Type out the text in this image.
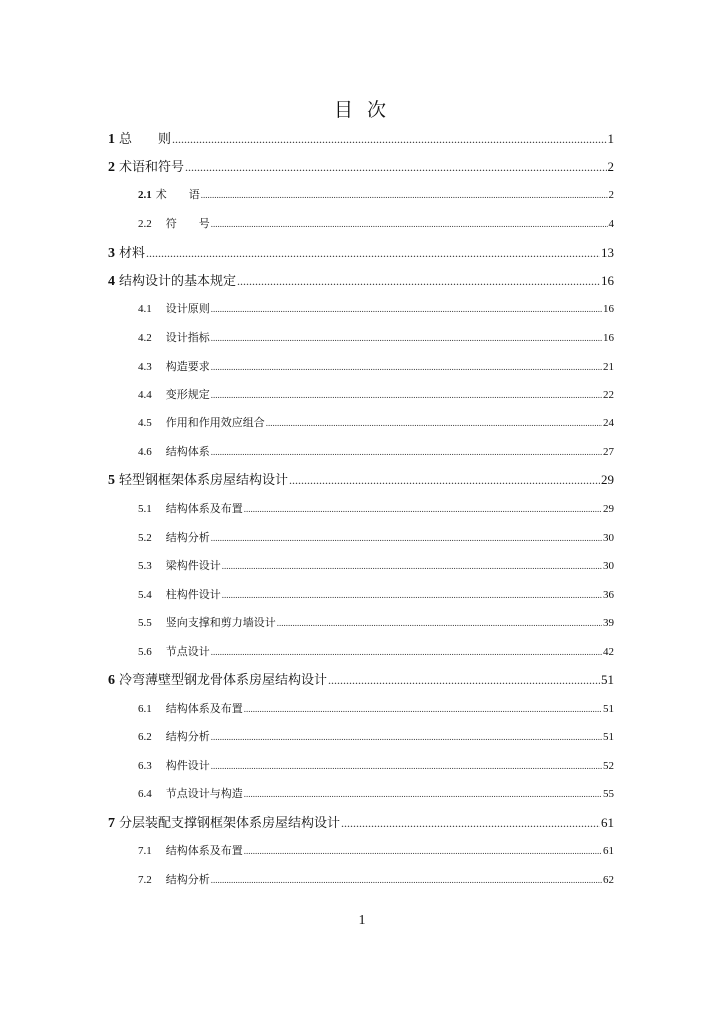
目 次
1 总　　则 .....	1
2 术语和符号 .....	2
2.1 术　　语 .....	2
2.2 符　　号 .....	4
3 材料 .....	13
4 结构设计的基本规定 .....	16
4.1 设计原则 .....	16
4.2 设计指标 .....	16
4.3 构造要求 .....	21
4.4 变形规定 .....	22
4.5 作用和作用效应组合 .....	24
4.6 结构体系 .....	27
5 轻型钢框架体系房屋结构设计 .....	29
5.1 结构体系及布置 .....	29
5.2 结构分析 .....	30
5.3 梁构件设计 .....	30
5.4 柱构件设计 .....	36
5.5 竖向支撑和剪力墙设计 .....	39
5.6 节点设计 .....	42
6 冷弯薄壁型钢龙骨体系房屋结构设计 .....	51
6.1 结构体系及布置 .....	51
6.2 结构分析 .....	51
6.3 构件设计 .....	52
6.4 节点设计与构造 .....	55
7 分层装配支撑钢框架体系房屋结构设计 .....	61
7.1 结构体系及布置 .....	61
7.2 结构分析 .....	62
1
